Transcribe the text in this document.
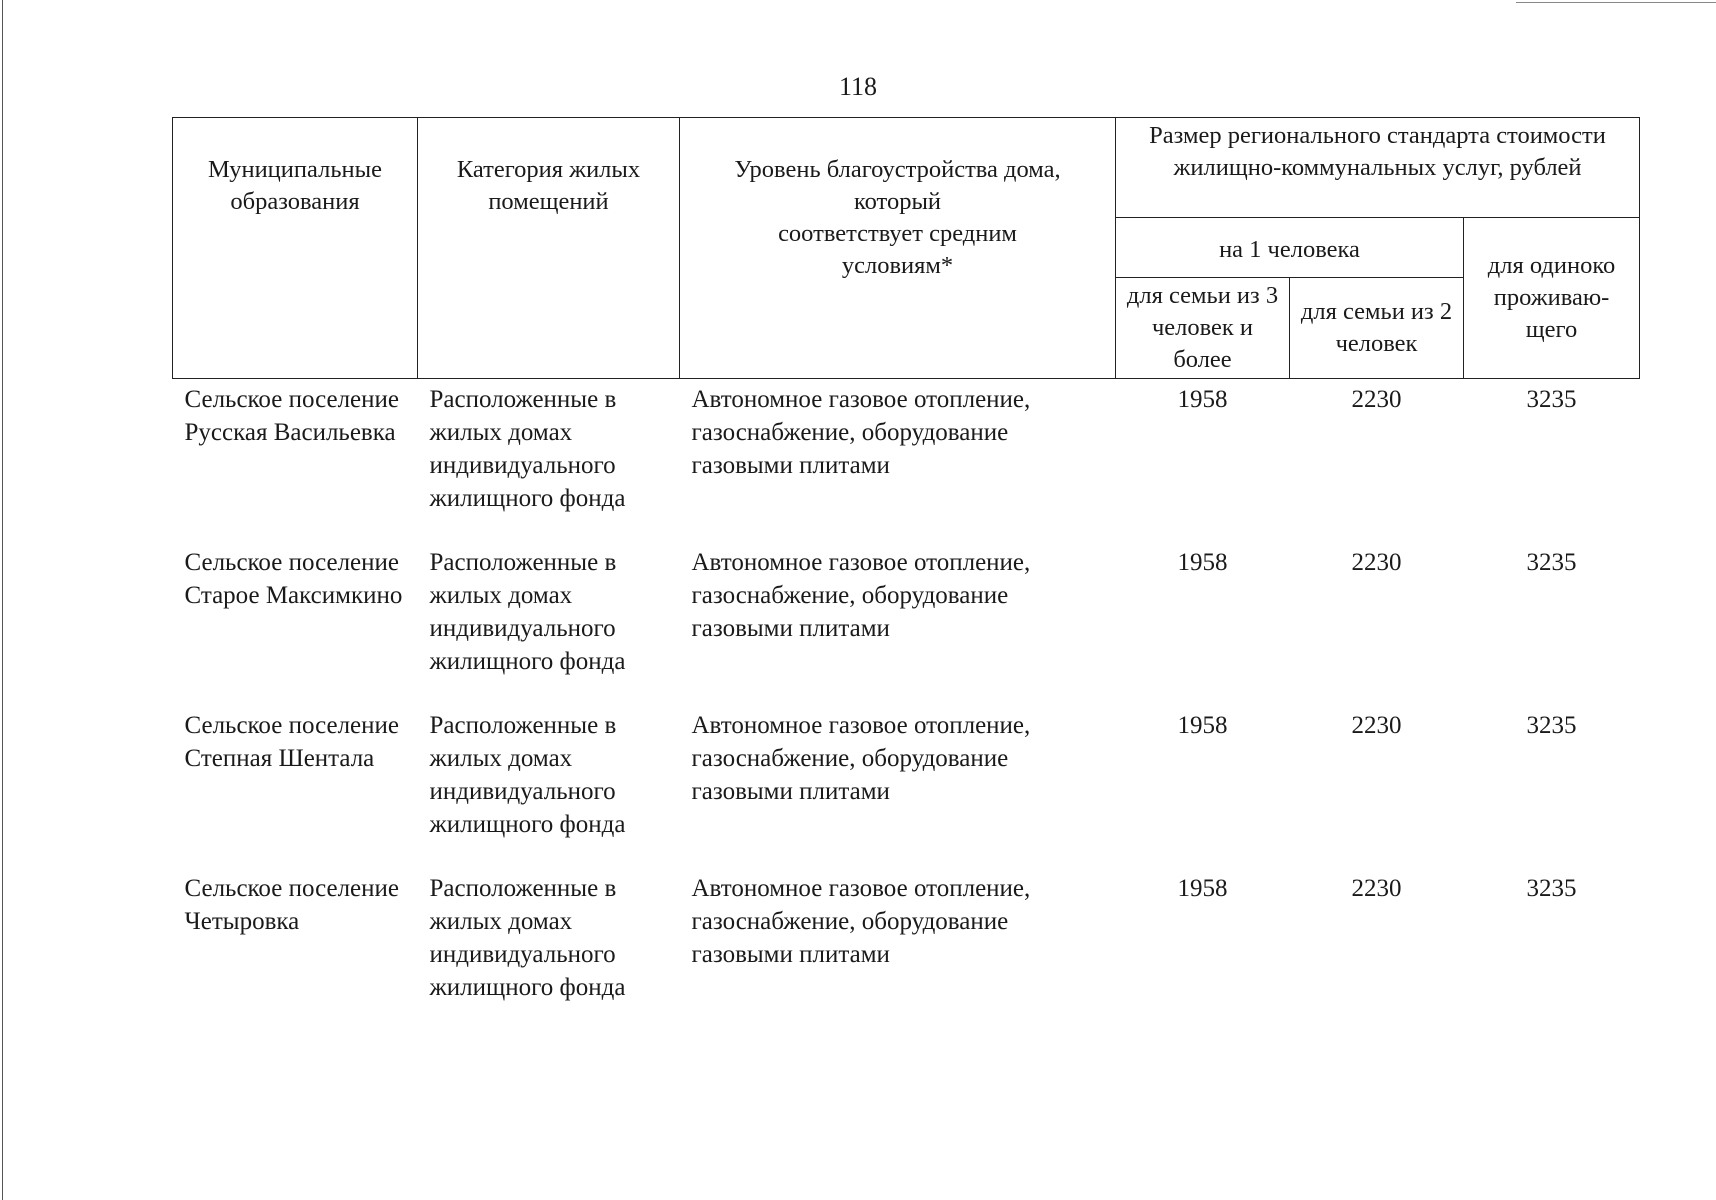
118
Муниципальные образования	Категория жилых помещений	Уровень благоустройства дома, который
соответствует средним условиям*	Размер регионального стандарта стоимости жилищно-коммунальных услуг, рублей		
			на 1 человека		для одиноко проживаю-щего
			для семьи из 3 человек и более	для семьи из 2 человек	
Сельское поселение Русская Васильевка	Расположенные в жилых домах индивидуального жилищного фонда	Автономное газовое отопление, газоснабжение, оборудование газовыми плитами	1958	2230	3235
Сельское поселение Старое Максимкино	Расположенные в жилых домах индивидуального жилищного фонда	Автономное газовое отопление, газоснабжение, оборудование газовыми плитами	1958	2230	3235
Сельское поселение Степная Шентала	Расположенные в жилых домах индивидуального жилищного фонда	Автономное газовое отопление, газоснабжение, оборудование газовыми плитами	1958	2230	3235
Сельское поселение Четыровка	Расположенные в жилых домах индивидуального жилищного фонда	Автономное газовое отопление, газоснабжение, оборудование газовыми плитами	1958	2230	3235
